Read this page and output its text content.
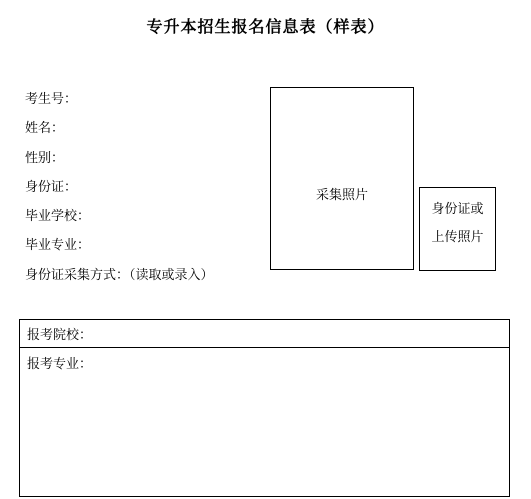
专升本招生报名信息表（样表）
考生号：
姓名：
性别：
身份证：
毕业学校：
毕业专业：
身份证采集方式：（读取或录入）
采集照片
身份证或
上传照片
报考院校：
报考专业：
